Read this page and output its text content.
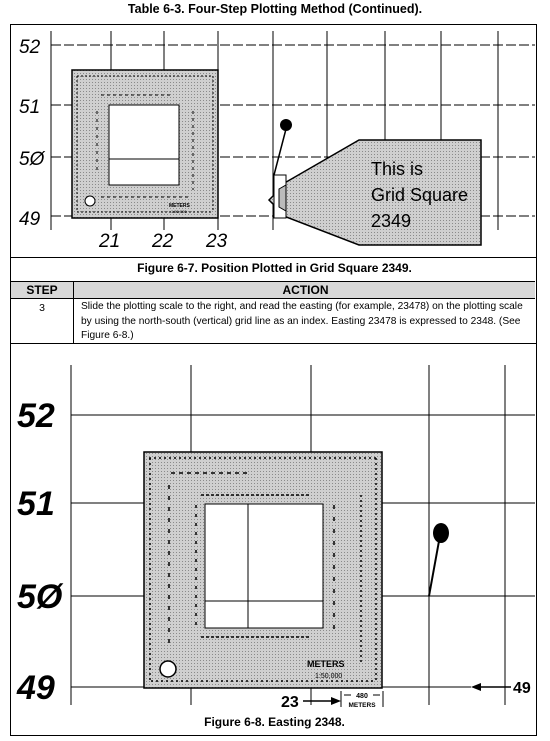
Table 6-3. Four-Step Plotting Method (Continued).
METERS
1:50,000
This is
Grid Square
2349
52
51
5Ø
49
21 22 23
Figure 6-7. Position Plotted in Grid Square 2349.
STEP	ACTION
3	Slide the plotting scale to the right, and read the easting (for example, 23478) on the plotting scale by using the north-south (vertical) grid line as an index. Easting 23478 is expressed to 2348. (See Figure 6-8.)
METERS
1:50,000
52
51
5Ø
49	49
23	480
METERS
Figure 6-8. Easting 2348.
